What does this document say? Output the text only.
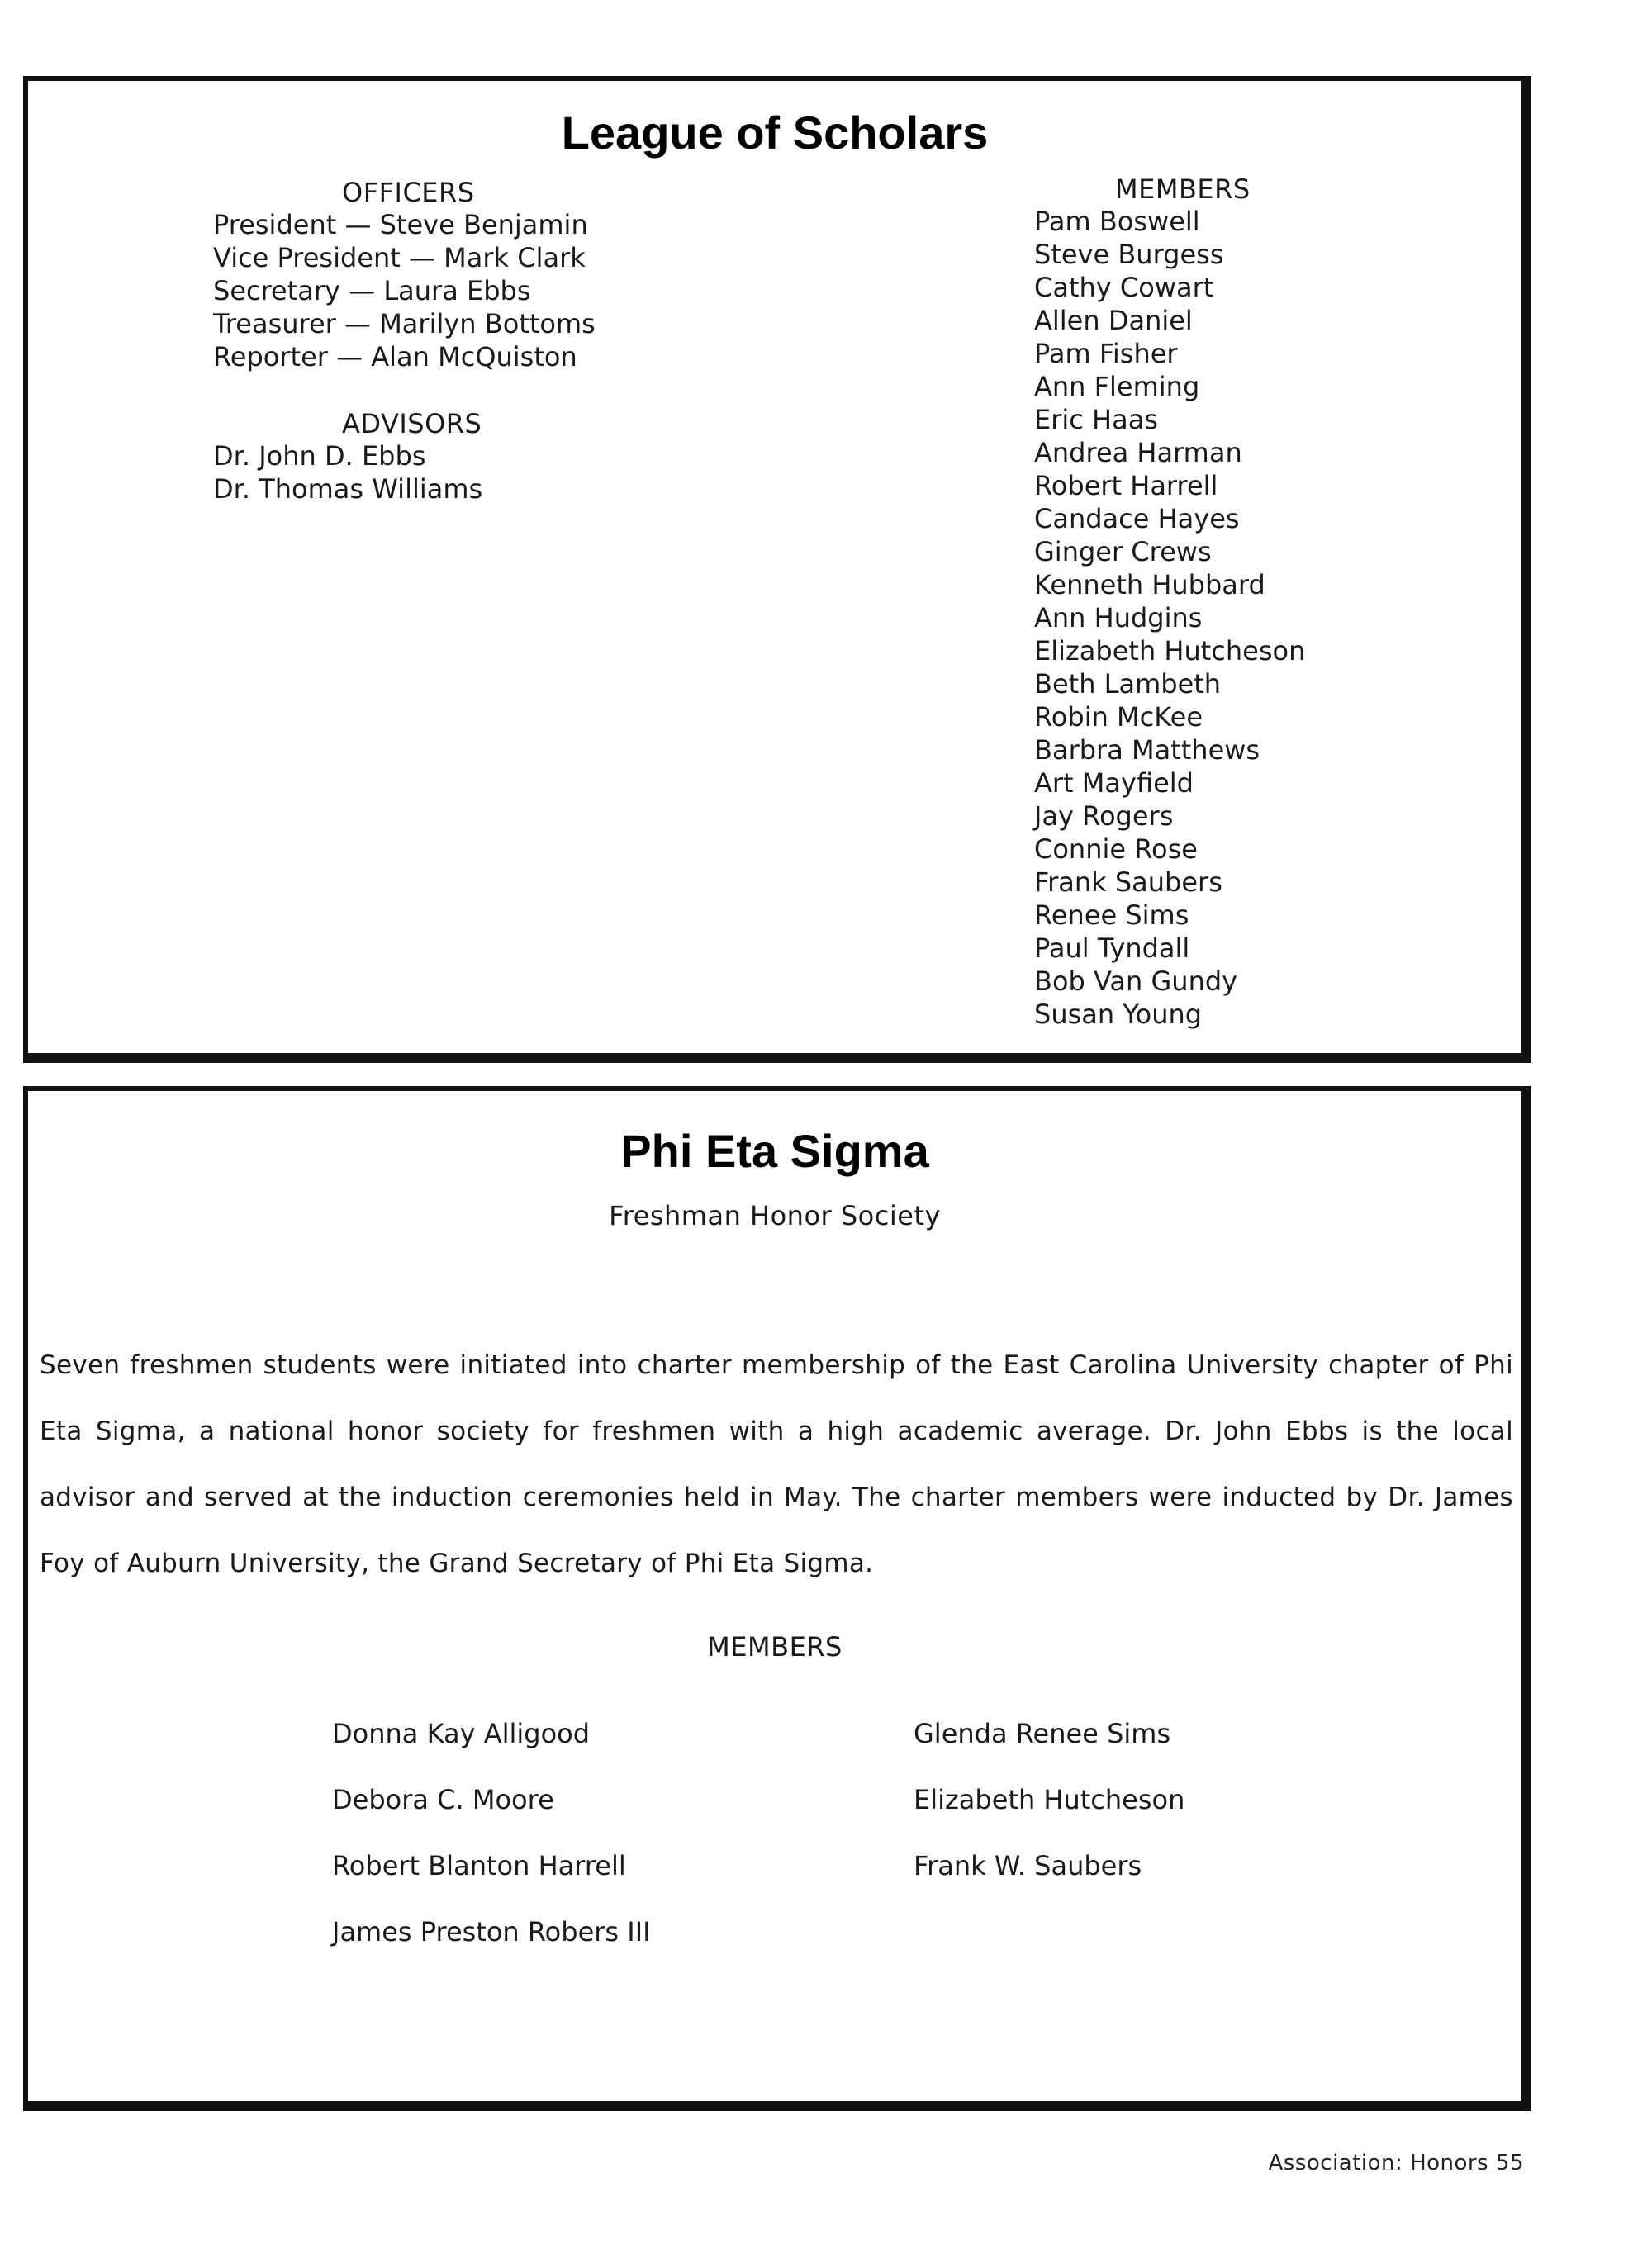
League of Scholars

OFFICERS

President — Steve Benjamin
Vice President — Mark Clark
Secretary — Laura Ebbs
Treasurer — Marilyn Bottoms
Reporter — Alan McQuiston

ADVISORS

Dr. John D. Ebbs
Dr. Thomas Williams

MEMBERS

Pam Boswell
Steve Burgess
Cathy Cowart
Allen Daniel
Pam Fisher
Ann Fleming
Eric Haas
Andrea Harman
Robert Harrell
Candace Hayes
Ginger Crews
Kenneth Hubbard
Ann Hudgins
Elizabeth Hutcheson
Beth Lambeth
Robin McKee
Barbra Matthews
Art Mayfield
Jay Rogers
Connie Rose
Frank Saubers
Renee Sims
Paul Tyndall
Bob Van Gundy
Susan Young
Phi Eta Sigma

Freshman Honor Society

Seven freshmen students were initiated into charter membership of the East Carolina University chapter of Phi Eta Sigma, a national honor society for freshmen with a high academic average. Dr. John Ebbs is the local advisor and served at the induction ceremonies held in May. The charter members were inducted by Dr. James Foy of Auburn University, the Grand Secretary of Phi Eta Sigma.

MEMBERS

Donna Kay Alligood
Debora C. Moore
Robert Blanton Harrell
James Preston Robers III
Glenda Renee Sims
Elizabeth Hutcheson
Frank W. Saubers
Association: Honors 55
